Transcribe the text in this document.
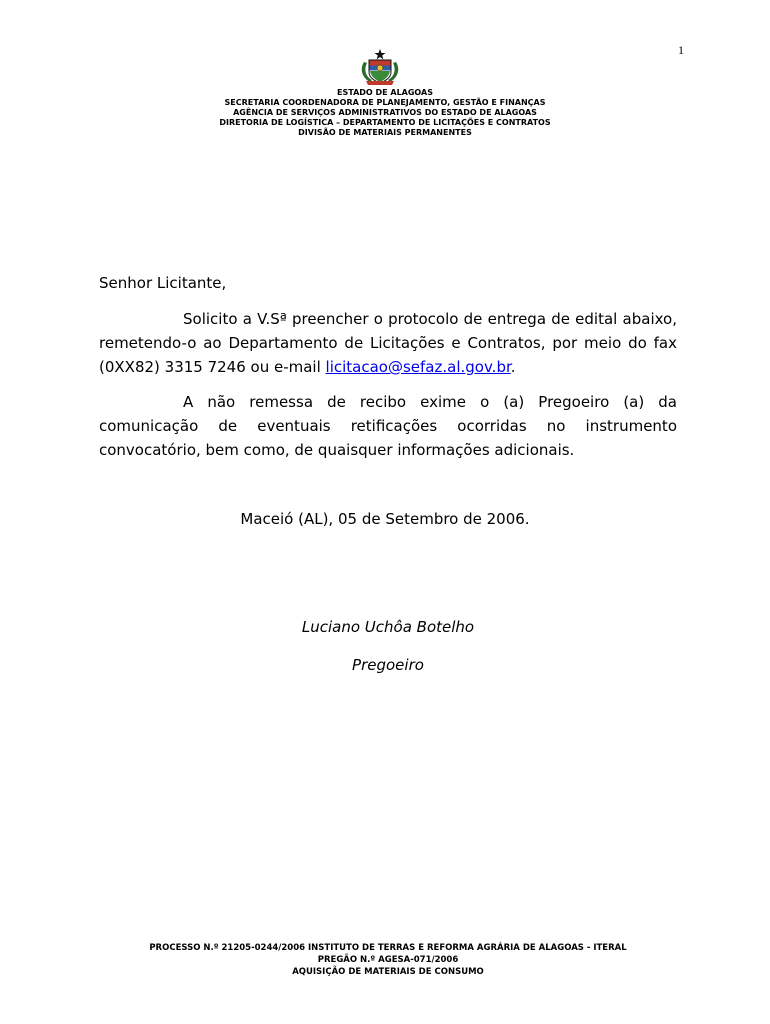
1
ESTADO DE ALAGOAS
SECRETARIA COORDENADORA DE PLANEJAMENTO, GESTÃO E FINANÇAS
AGÊNCIA DE SERVIÇOS ADMINISTRATIVOS DO ESTADO DE ALAGOAS
DIRETORIA DE LOGÍSTICA – DEPARTAMENTO DE LICITAÇÕES E CONTRATOS
DIVISÃO DE MATERIAIS PERMANENTES
Senhor Licitante,
Solicito a V.Sª preencher o protocolo de entrega de edital abaixo, remetendo-o ao Departamento de Licitações e Contratos, por meio do fax (0XX82) 3315 7246 ou e-mail licitacao@sefaz.al.gov.br.
A não remessa de recibo exime o (a) Pregoeiro (a) da comunicação de eventuais retificações ocorridas no instrumento convocatório, bem como, de quaisquer informações adicionais.
Maceió (AL), 05 de Setembro de 2006.
Luciano Uchôa Botelho
Pregoeiro
PROCESSO N.º 21205-0244/2006 INSTITUTO DE TERRAS E REFORMA AGRÁRIA DE ALAGOAS - ITERAL
PREGÃO N.º AGESA-071/2006
AQUISIÇÃO DE MATERIAIS DE CONSUMO
